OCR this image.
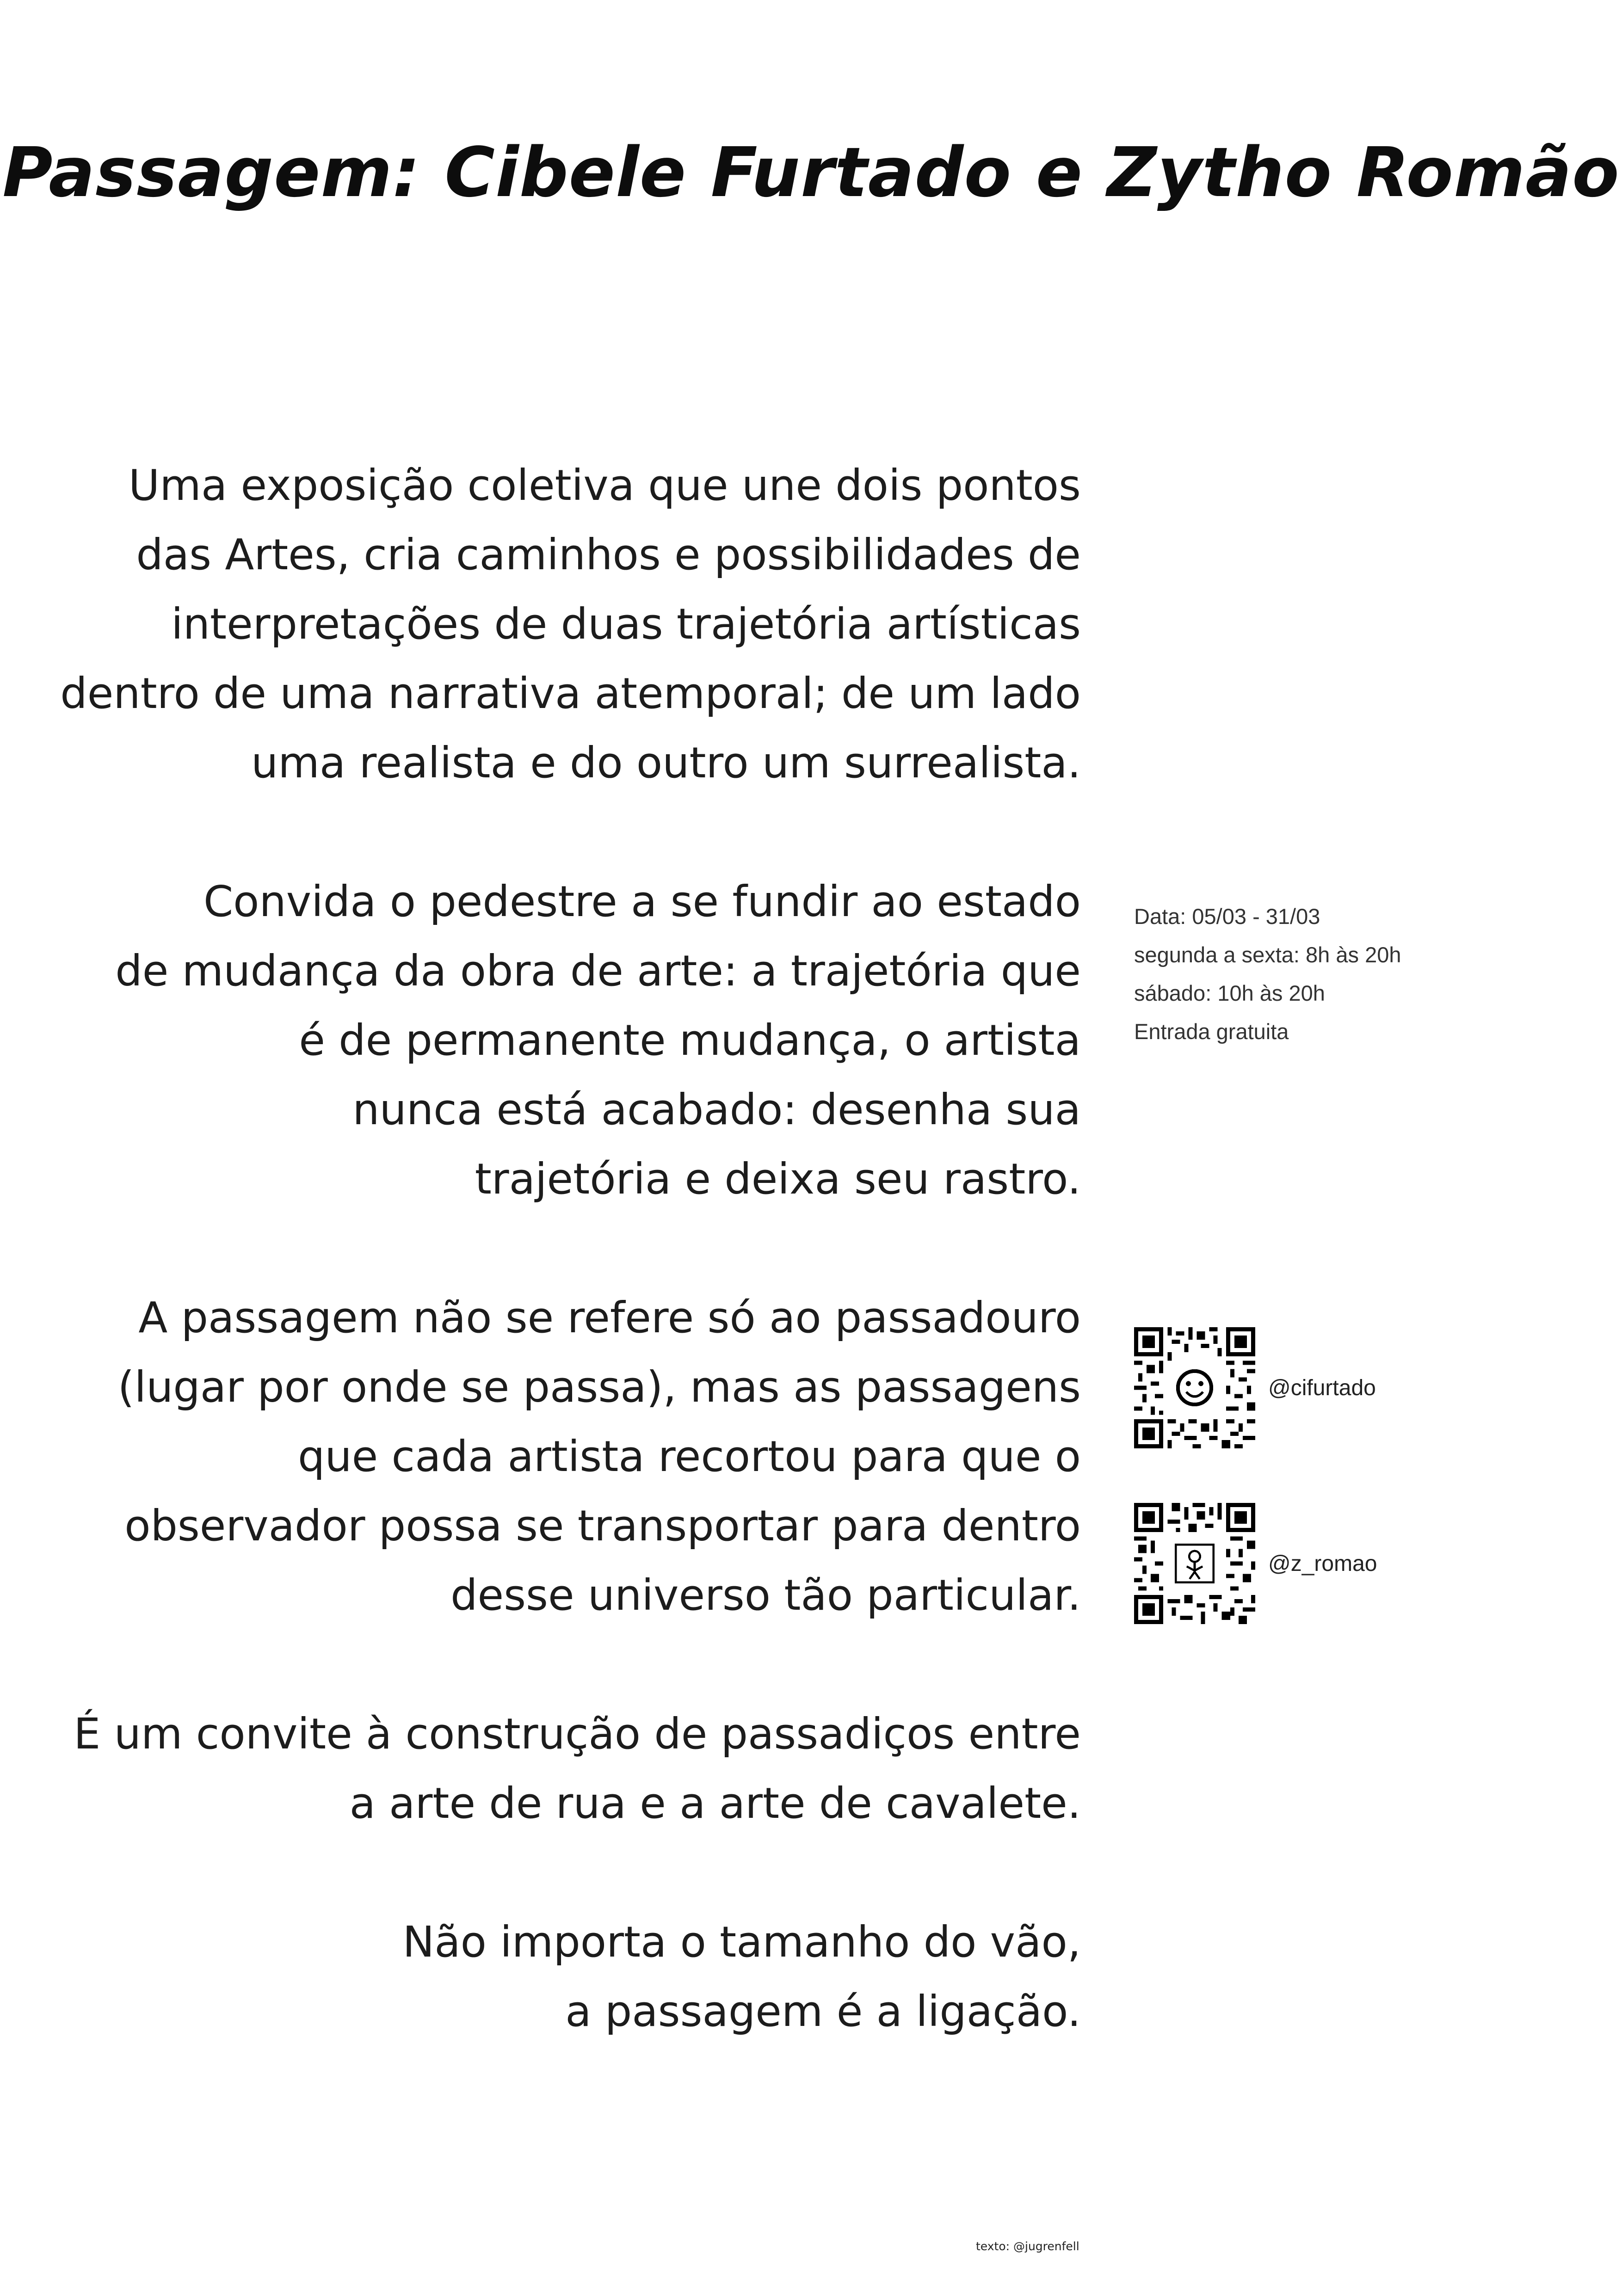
Passagem: Cibele Furtado e Zytho Romão

Uma exposição coletiva que une dois pontos
das Artes, cria caminhos e possibilidades de
interpretações de duas trajetória artísticas
dentro de uma narrativa atemporal; de um lado
uma realista e do outro um surrealista.

Convida o pedestre a se fundir ao estado
de mudança da obra de arte: a trajetória que
é de permanente mudança, o artista
nunca está acabado: desenha sua
trajetória e deixa seu rastro.

A passagem não se refere só ao passadouro
(lugar por onde se passa), mas as passagens
que cada artista recortou para que o
observador possa se transportar para dentro
desse universo tão particular.

É um convite à construção de passadiços entre
a arte de rua e a arte de cavalete.

Não importa o tamanho do vão,
a passagem é a ligação.

Data: 05/03 - 31/03
segunda a sexta: 8h às 20h
sábado: 10h às 20h
Entrada gratuita
@cifurtado
@z_romao
texto: @jugrenfell
